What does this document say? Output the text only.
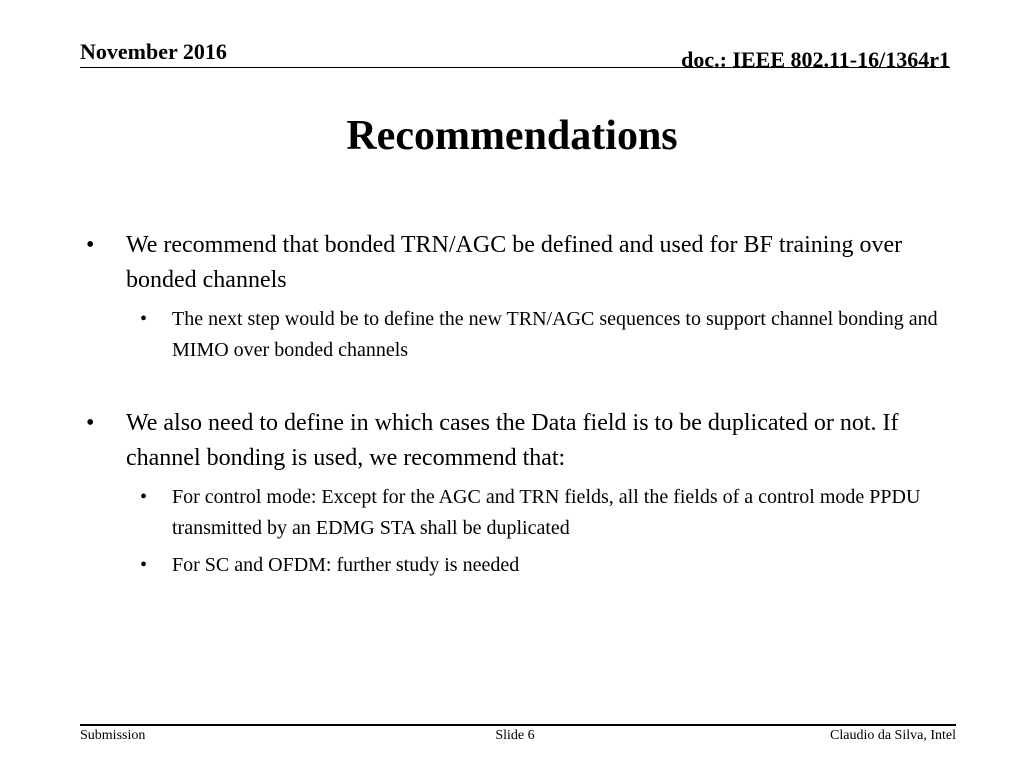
November 2016	doc.: IEEE 802.11-16/1364r1
Recommendations
• We recommend that bonded TRN/AGC be defined and used for BF training over bonded channels
• The next step would be to define the new TRN/AGC sequences to support channel bonding and MIMO over bonded channels
• We also need to define in which cases the Data field is to be duplicated or not. If channel bonding is used, we recommend that:
• For control mode: Except for the AGC and TRN fields, all the fields of a control mode PPDU transmitted by an EDMG STA shall be duplicated
• For SC and OFDM: further study is needed
Submission	Slide 6	Claudio da Silva, Intel
